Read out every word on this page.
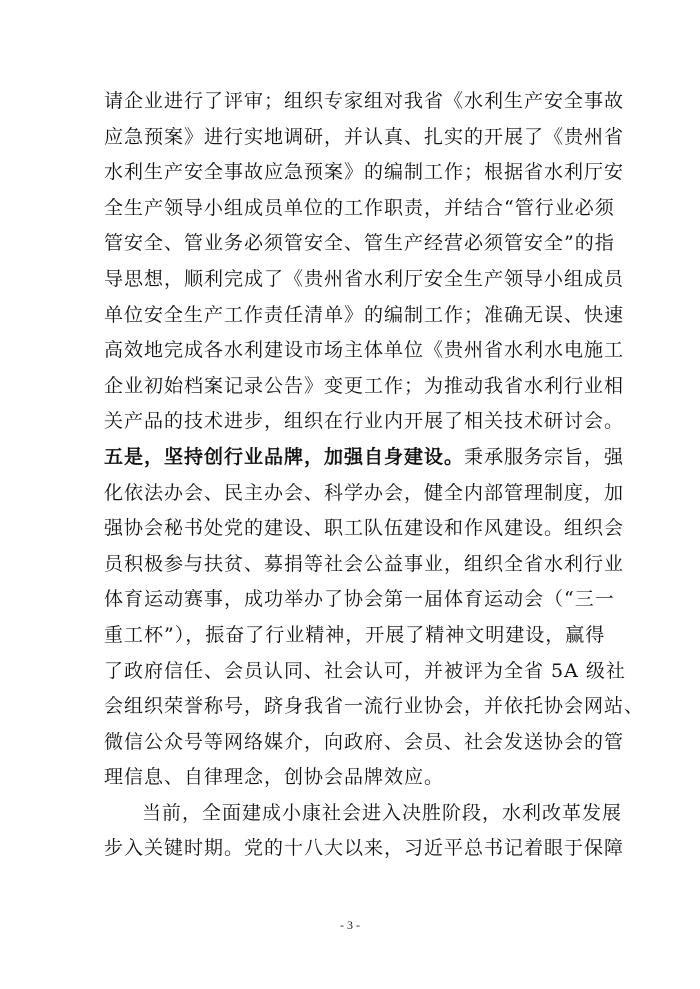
请企业进行了评审；组织专家组对我省《水利生产安全事故
应急预案》进行实地调研，并认真、扎实的开展了《贵州省
水利生产安全事故应急预案》的编制工作；根据省水利厅安
全生产领导小组成员单位的工作职责，并结合“管行业必须
管安全、管业务必须管安全、管生产经营必须管安全”的指
导思想，顺利完成了《贵州省水利厅安全生产领导小组成员
单位安全生产工作责任清单》的编制工作；准确无误、快速
高效地完成各水利建设市场主体单位《贵州省水利水电施工
企业初始档案记录公告》变更工作；为推动我省水利行业相
关产品的技术进步，组织在行业内开展了相关技术研讨会。
五是，坚持创行业品牌，加强自身建设。秉承服务宗旨，强
化依法办会、民主办会、科学办会，健全内部管理制度，加
强协会秘书处党的建设、职工队伍建设和作风建设。组织会
员积极参与扶贫、募捐等社会公益事业，组织全省水利行业
体育运动赛事，成功举办了协会第一届体育运动会（“三一
重工杯”），振奋了行业精神，开展了精神文明建设，赢得
了政府信任、会员认同、社会认可，并被评为全省 5A 级社
会组织荣誉称号，跻身我省一流行业协会，并依托协会网站、
微信公众号等网络媒介，向政府、会员、社会发送协会的管
理信息、自律理念，创协会品牌效应。
当前，全面建成小康社会进入决胜阶段，水利改革发展
步入关键时期。党的十八大以来，习近平总书记着眼于保障
- 3 -
